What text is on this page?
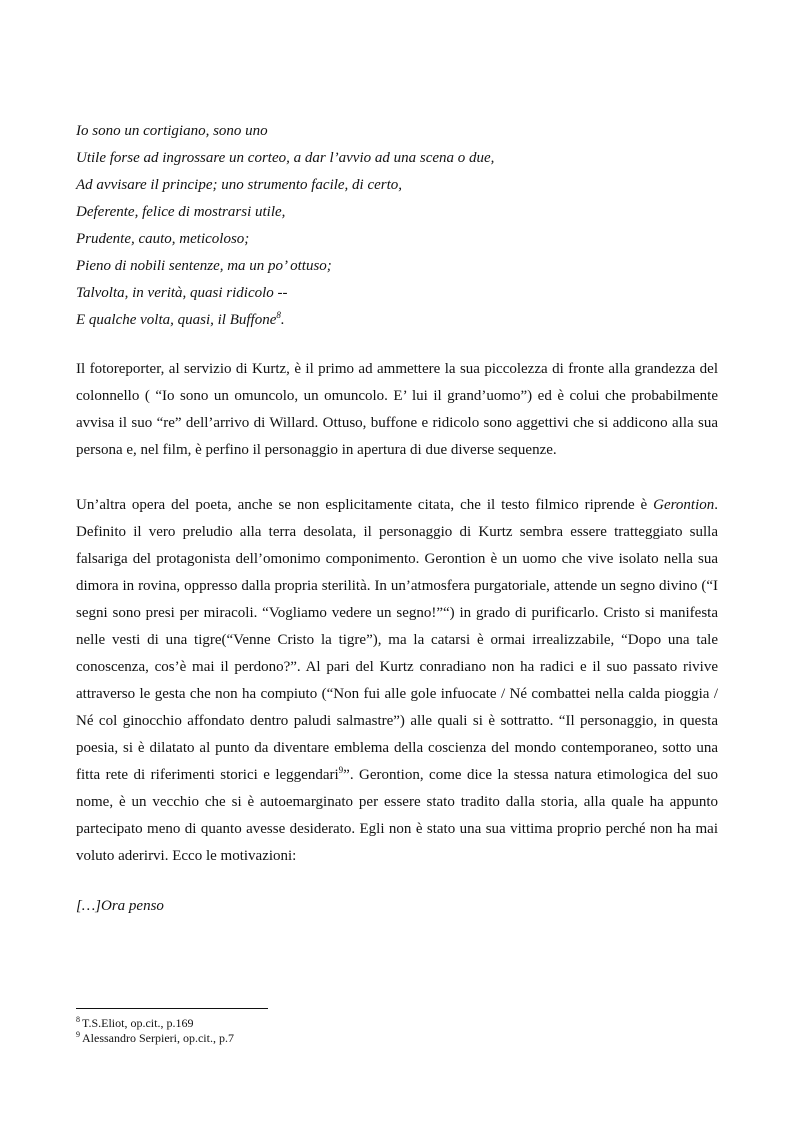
Io sono un cortigiano, sono uno
Utile forse ad ingrossare un corteo, a dar l’avvio ad una scena o due,
Ad avvisare il principe; uno strumento facile, di certo,
Deferente, felice di mostrarsi utile,
Prudente, cauto, meticoloso;
Pieno di nobili sentenze, ma un po’ ottuso;
Talvolta, in verità, quasi ridicolo --
E qualche volta, quasi, il Buffone$^8$.

Il fotoreporter, al servizio di Kurtz, è il primo ad ammettere la sua piccolezza di fronte alla grandezza del colonnello ( “Io sono un omuncolo, un omuncolo. E’ lui il grand’uomo”) ed è colui che probabilmente avvisa il suo “re” dell’arrivo di Willard. Ottuso, buffone e ridicolo sono aggettivi che si addicono alla sua persona e, nel film, è perfino il personaggio in apertura di due diverse sequenze.

Un’altra opera del poeta, anche se non esplicitamente citata, che il testo filmico riprende è Gerontion. Definito il vero preludio alla terra desolata, il personaggio di Kurtz sembra essere tratteggiato sulla falsariga del protagonista dell’omonimo componimento. Gerontion è un uomo che vive isolato nella sua dimora in rovina, oppresso dalla propria sterilità. In un’atmosfera purgatoriale, attende un segno divino (“I segni sono presi per miracoli. “Vogliamo vedere un segno!”“) in grado di purificarlo. Cristo si manifesta nelle vesti di una tigre(“Venne Cristo la tigre”), ma la catarsi è ormai irrealizzabile, “Dopo una tale conoscenza, cos’è mai il perdono?”. Al pari del Kurtz conradiano non ha radici e il suo passato rivive attraverso le gesta che non ha compiuto (“Non fui alle gole infuocate / Né combattei nella calda pioggia / Né col ginocchio affondato dentro paludi salmastre”) alle quali si è sottratto. “Il personaggio, in questa poesia, si è dilatato al punto da diventare emblema della coscienza del mondo contemporaneo, sotto una fitta rete di riferimenti storici e leggendari$^9$”. Gerontion, come dice la stessa natura etimologica del suo nome, è un vecchio che si è autoemarginato per essere stato tradito dalla storia, alla quale ha appunto partecipato meno di quanto avesse desiderato. Egli non è stato una sua vittima proprio perché non ha mai voluto aderirvi. Ecco le motivazioni:

[…]Ora penso
$^8$ T.S.Eliot, op.cit., p.169
$^9$ Alessandro Serpieri, op.cit., p.7
